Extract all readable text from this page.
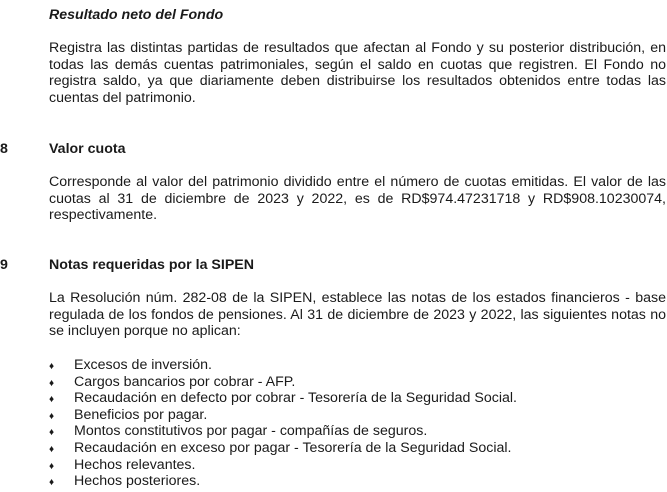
Resultado neto del Fondo

Registra las distintas partidas de resultados que afectan al Fondo y su posterior distribución, en todas las demás cuentas patrimoniales, según el saldo en cuotas que registren. El Fondo no registra saldo, ya que diariamente deben distribuirse los resultados obtenidos entre todas las cuentas del patrimonio.

8	Valor cuota

Corresponde al valor del patrimonio dividido entre el número de cuotas emitidas. El valor de las cuotas al 31 de diciembre de 2023 y 2022, es de RD$974.47231718 y RD$908.10230074, respectivamente.

9	Notas requeridas por la SIPEN

La Resolución núm. 282-08 de la SIPEN, establece las notas de los estados financieros - base regulada de los fondos de pensiones. Al 31 de diciembre de 2023 y 2022, las siguientes notas no se incluyen porque no aplican:

♦	Excesos de inversión.
♦	Cargos bancarios por cobrar - AFP.
♦	Recaudación en defecto por cobrar - Tesorería de la Seguridad Social.
♦	Beneficios por pagar.
♦	Montos constitutivos por pagar - compañías de seguros.
♦	Recaudación en exceso por pagar - Tesorería de la Seguridad Social.
♦	Hechos relevantes.
♦	Hechos posteriores.
